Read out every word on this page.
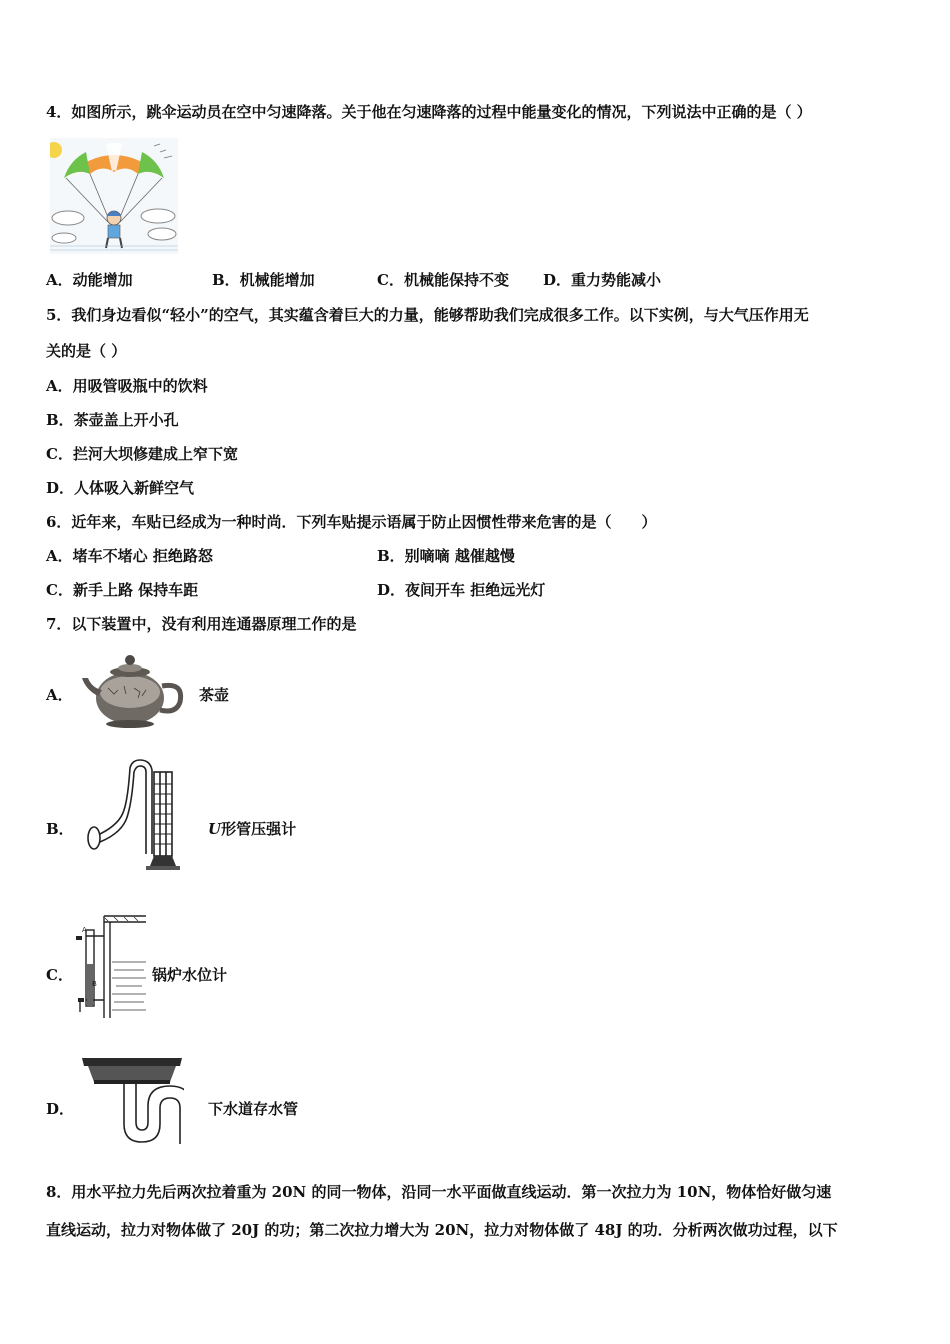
4．如图所示，跳伞运动员在空中匀速降落。关于他在匀速降落的过程中能量变化的情况，下列说法中正确的是（ ）
A．动能增加	B．机械能增加	C．机械能保持不变 D．重力势能减小
5．我们身边看似“轻小”的空气，其实蕴含着巨大的力量，能够帮助我们完成很多工作。以下实例，与大气压作用无
关的是（ ）
A．用吸管吸瓶中的饮料
B．茶壶盖上开小孔
C．拦河大坝修建成上窄下宽
D．人体吸入新鲜空气
6．近年来，车贴已经成为一种时尚．下列车贴提示语属于防止因惯性带来危害的是（　　）
A．堵车不堵心 拒绝路怒	B．别嘀嘀 越催越慢
C．新手上路 保持车距	D．夜间开车 拒绝远光灯
7．以下装置中，没有利用连通器原理工作的是
A．	茶壶
B．	U形管压强计
C．
A
B	锅炉水位计
D．	下水道存水管
8．用水平拉力先后两次拉着重为 20N 的同一物体，沿同一水平面做直线运动．第一次拉力为 10N，物体恰好做匀速
直线运动，拉力对物体做了 20J 的功；第二次拉力增大为 20N，拉力对物体做了 48J 的功．分析两次做功过程，以下
